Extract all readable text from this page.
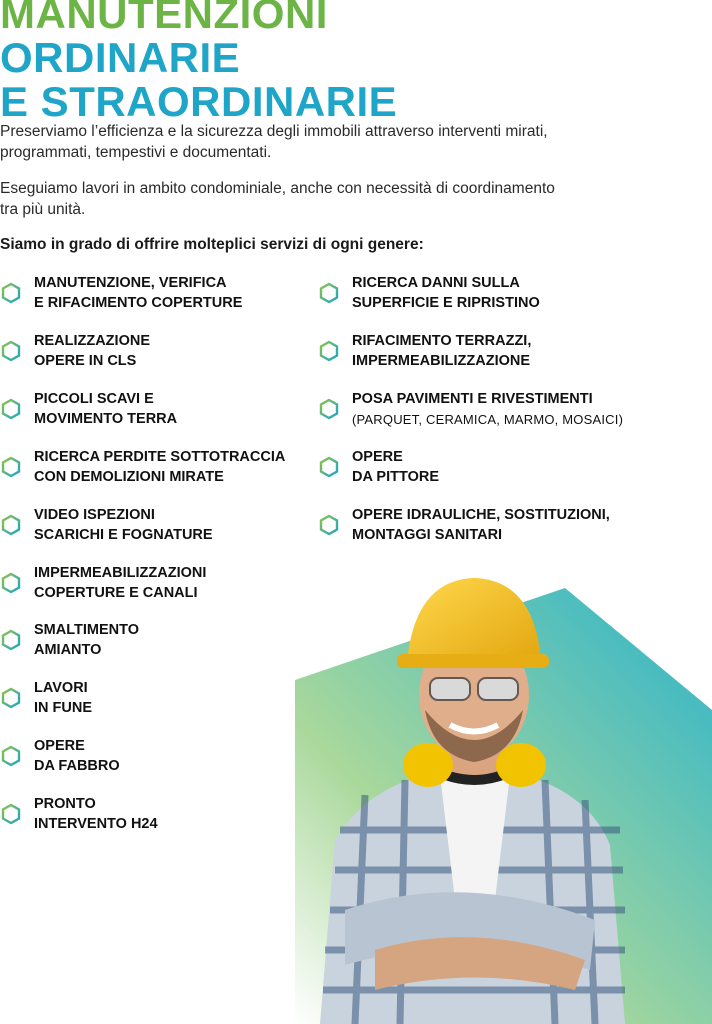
MANUTENZIONI
ORDINARIE
E STRAORDINARIE
Preserviamo l’efficienza e la sicurezza degli immobili attraverso interventi mirati, programmati, tempestivi e documentati.
Eseguiamo lavori in ambito condominiale, anche con necessità di coordinamento tra più unità.
Siamo in grado di offrire molteplici servizi di ogni genere:
MANUTENZIONE, VERIFICA
E RIFACIMENTO COPERTURE
REALIZZAZIONE
OPERE IN CLS
PICCOLI SCAVI E
MOVIMENTO TERRA
RICERCA PERDITE SOTTOTRACCIA
CON DEMOLIZIONI MIRATE
VIDEO ISPEZIONI
SCARICHI E FOGNATURE
IMPERMEABILIZZAZIONI
COPERTURE E CANALI
SMALTIMENTO
AMIANTO
LAVORI
IN FUNE
OPERE
DA FABBRO
PRONTO
INTERVENTO H24
RICERCA DANNI SULLA
SUPERFICIE E RIPRISTINO
RIFACIMENTO TERRAZZI,
IMPERMEABILIZZAZIONE
POSA PAVIMENTI E RIVESTIMENTI
(PARQUET, CERAMICA, MARMO, MOSAICI)
OPERE
DA PITTORE
OPERE IDRAULICHE, SOSTITUZIONI,
MONTAGGI SANITARI
